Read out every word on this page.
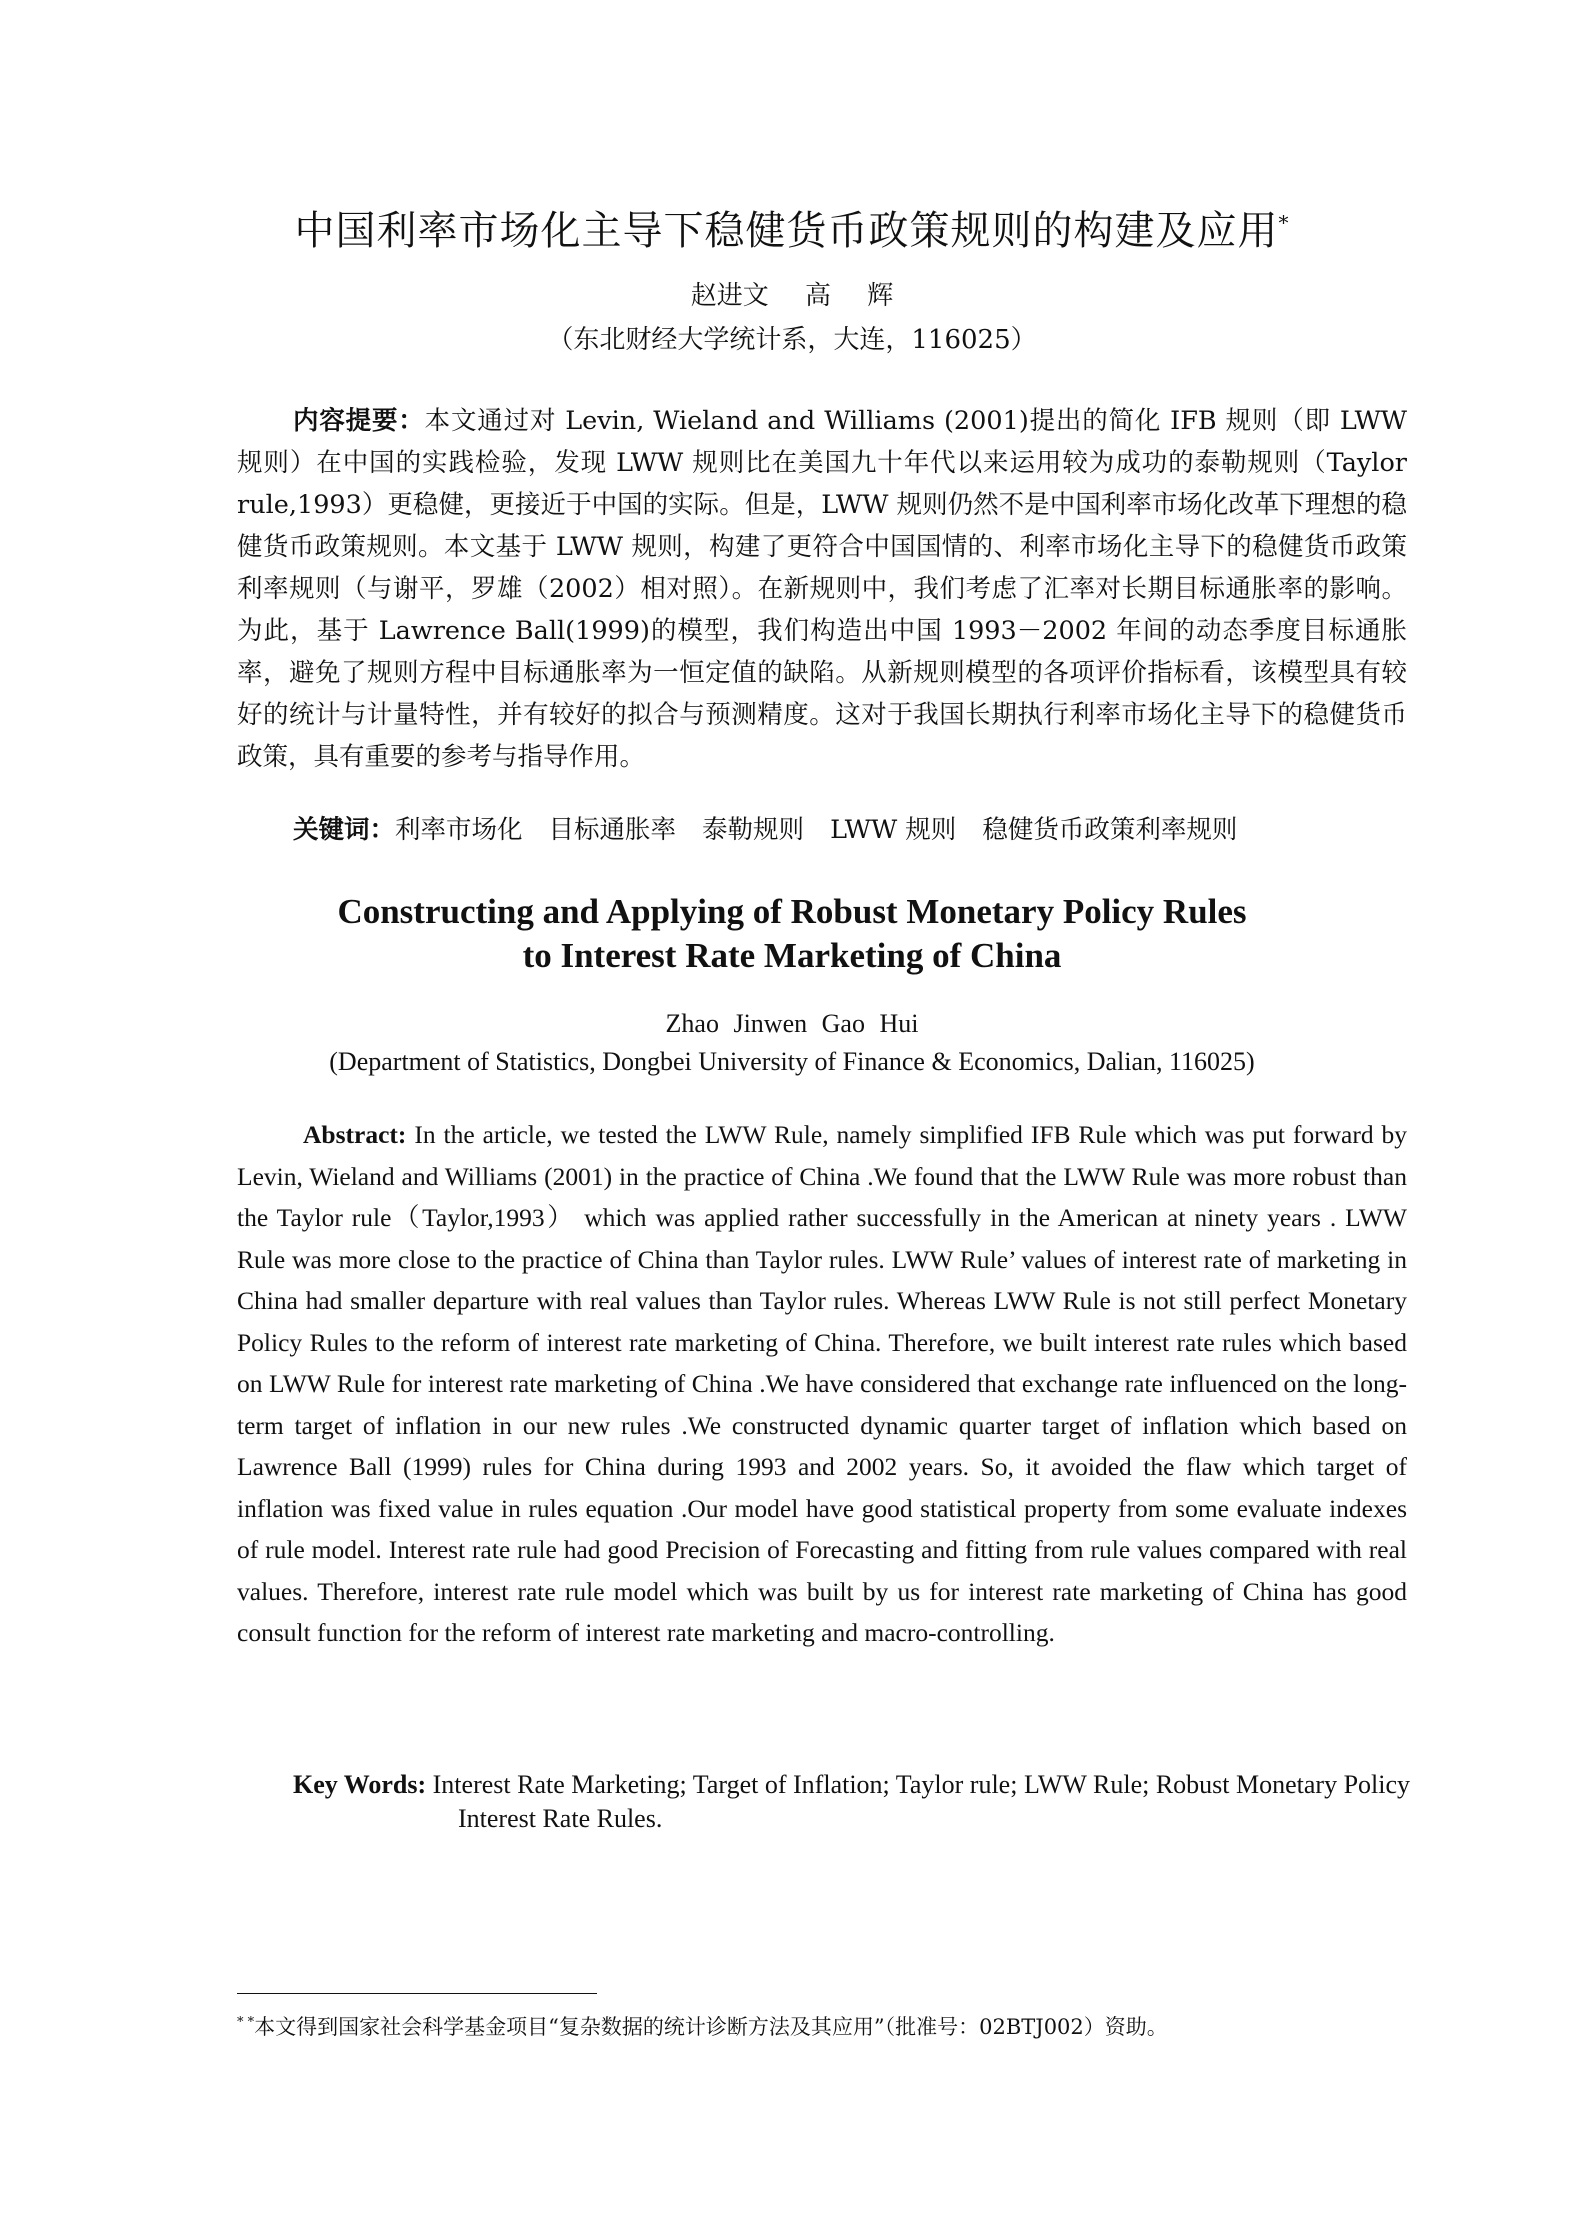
中国利率市场化主导下稳健货币政策规则的构建及应用*
赵进文 高 辉
（东北财经大学统计系，大连，116025）

内容提要：本文通过对 Levin, Wieland and Williams (2001)提出的简化 IFB 规则（即 LWW 规则）在中国的实践检验，发现 LWW 规则比在美国九十年代以来运用较为成功的泰勒规则（Taylor rule,1993）更稳健，更接近于中国的实际。但是，LWW 规则仍然不是中国利率市场化改革下理想的稳健货币政策规则。本文基于 LWW 规则，构建了更符合中国国情的、利率市场化主导下的稳健货币政策利率规则（与谢平，罗雄（2002）相对照）。在新规则中，我们考虑了汇率对长期目标通胀率的影响。为此，基于 Lawrence Ball(1999)的模型，我们构造出中国 1993－2002 年间的动态季度目标通胀率，避免了规则方程中目标通胀率为一恒定值的缺陷。从新规则模型的各项评价指标看，该模型具有较好的统计与计量特性，并有较好的拟合与预测精度。这对于我国长期执行利率市场化主导下的稳健货币政策，具有重要的参考与指导作用。

关键词：利率市场化 目标通胀率 泰勒规则 LWW 规则 稳健货币政策利率规则
Constructing and Applying of Robust Monetary Policy Rules
to Interest Rate Marketing of China
Zhao Jinwen Gao Hui
(Department of Statistics, Dongbei University of Finance & Economics, Dalian, 116025)

Abstract: In the article, we tested the LWW Rule, namely simplified IFB Rule which was put forward by Levin, Wieland and Williams (2001) in the practice of China .We found that the LWW Rule was more robust than the Taylor rule（Taylor,1993） which was applied rather successfully in the American at ninety years . LWW Rule was more close to the practice of China than Taylor rules. LWW Rule’ values of interest rate of marketing in China had smaller departure with real values than Taylor rules. Whereas LWW Rule is not still perfect Monetary Policy Rules to the reform of interest rate marketing of China. Therefore, we built interest rate rules which based on LWW Rule for interest rate marketing of China .We have considered that exchange rate influenced on the long-term target of inflation in our new rules .We constructed dynamic quarter target of inflation which based on Lawrence Ball (1999) rules for China during 1993 and 2002 years. So, it avoided the flaw which target of inflation was fixed value in rules equation .Our model have good statistical property from some evaluate indexes of rule model. Interest rate rule had good Precision of Forecasting and fitting from rule values compared with real values. Therefore, interest rate rule model which was built by us for interest rate marketing of China has good consult function for the reform of interest rate marketing and macro-controlling.

Key Words: Interest Rate Marketing; Target of Inflation; Taylor rule; LWW Rule; Robust Monetary Policy Interest Rate Rules.
* *本文得到国家社会科学基金项目“复杂数据的统计诊断方法及其应用”（批准号：02BTJ002）资助。
